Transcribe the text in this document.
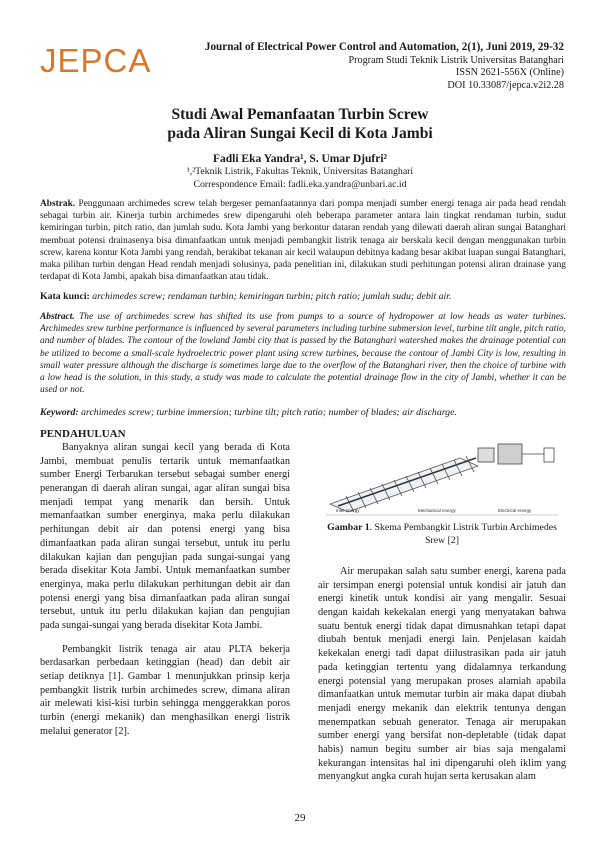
JEPCA	Journal of Electrical Power Control and Automation, 2(1), Juni 2019, 29-32
Program Studi Teknik Listrik Universitas Batanghari
ISSN 2621-556X (Online)
DOI 10.33087/jepca.v2i2.28
Studi Awal Pemanfaatan Turbin Screw
pada Aliran Sungai Kecil di Kota Jambi
Fadli Eka Yandra¹, S. Umar Djufri²
¹,²Teknik Listrik, Fakultas Teknik, Universitas Batanghari
Correspondence Email: fadli.eka.yandra@unbari.ac.id
Abstrak. Penggunaan archimedes screw telah bergeser pemanfaatannya dari pompa menjadi sumber energi tenaga air pada head rendah sebagai turbin air. Kinerja turbin archimedes srew dipengaruhi oleh beberapa parameter antara lain tingkat rendaman turbin, sudut kemiringan turbin, pitch ratio, dan jumlah sudu. Kota Jambi yang berkontur dataran rendah yang dilewati daerah aliran sungai Batanghari membuat potensi drainasenya bisa dimanfaatkan untuk menjadi pembangkit listrik tenaga air berskala kecil dengan menggunakan turbin screw, karena kontur Kota Jambi yang rendah, berakibat tekanan air kecil walaupun debitnya kadang besar akibat luapan sungai Batanghari, maka pilihan turbin dengan Head rendah menjadi solusinya, pada penelitian ini, dilakukan studi perhitungan potensi aliran drainase yang terdapat di Kota Jambi, apakah bisa dimanfaatkan atau tidak.
Kata kunci: archimedes screw; rendaman turbin; kemiringan turbin; pitch ratio; jumlah sudu; debit air.
Abstract. The use of archimedes screw has shifted its use from pumps to a source of hydropower at low heads as water turbines. Archimedes srew turbine performance is influenced by several parameters including turbine submersion level, turbine tilt angle, pitch ratio, and number of blades. The contour of the lowland Jambi city that is passed by the Batanghari watershed makes the drainage potential can be utilized to become a small-scale hydroelectric power plant using screw turbines, because the contour of Jambi City is low, resulting in small water pressure although the discharge is sometimes large due to the overflow of the Batanghari river, then the choice of turbine with a low head is the solution, in this study, a study was made to calculate the potential drainage flow in the city of Jambi, whether it can be used or not.
Keyword: archimedes screw; turbine immersion; turbine tilt; pitch ratio; number of blades; air discharge.
PENDAHULUAN

Banyaknya aliran sungai kecil yang berada di Kota Jambi, membuat penulis tertarik untuk memanfaatkan sumber Energi Terbarukan tersebut sebagai sumber energi penerangan di daerah aliran sungai, agar aliran sungai bisa menjadi tempat yang menarik dan bersih. Untuk memanfaatkan sumber energinya, maka perlu dilakukan perhitungan debit air dan potensi energi yang bisa dimanfaatkan pada aliran sungai tersebut, untuk itu perlu dilakukan kajian dan pengujian pada sungai-sungai yang berada disekitar Kota Jambi. Untuk memanfaatkan sumber energinya, maka perlu dilakukan perhitungan debit air dan potensi energi yang bisa dimanfaatkan pada aliran sungai tersebut, untuk itu perlu dilakukan kajian dan pengujian pada sungai-sungai yang berada disekitar Kota Jambi.

Pembangkit listrik tenaga air atau PLTA bekerja berdasarkan perbedaan ketinggian (head) dan debit air setiap detiknya [1]. Gambar 1 menunjukkan prinsip kerja pembangkit listrik turbin archimedes screw, dimana aliran air melewati kisi-kisi turbin sehingga menggerakkan poros turbin (energi mekanik) dan menghasilkan energi listrik melalui generator [2].

Inlet energy	Mechanical energy	Electrical energy
Gambar 1. Skema Pembangkit Listrik Turbin Archimedes Srew [2]

Air merupakan salah satu sumber energi, karena pada air tersimpan energi potensial untuk kondisi air jatuh dan energi kinetik untuk kondisi air yang mengalir. Sesuai dengan kaidah kekekalan energi yang menyatakan bahwa suatu bentuk energi tidak dapat dimusnahkan tetapi dapat diubah bentuk menjadi energi lain. Penjelasan kaidah kekekalan energi tadi dapat diilustrasikan pada air jatuh pada ketinggian tertentu yang didalamnya terkandung energi potensial yang merupakan proses alamiah apabila dimanfaatkan untuk memutar turbin air maka dapat diubah menjadi energy mekanik dan elektrik tentunya dengan menempatkan sebuah generator. Tenaga air merupakan sumber energi yang bersifat non-depletable (tidak dapat habis) namun begitu sumber air bias saja mengalami kekurangan intensitas hal ini dipengaruhi oleh iklim yang menyangkut angka curah hujan serta kerusakan alam

29
